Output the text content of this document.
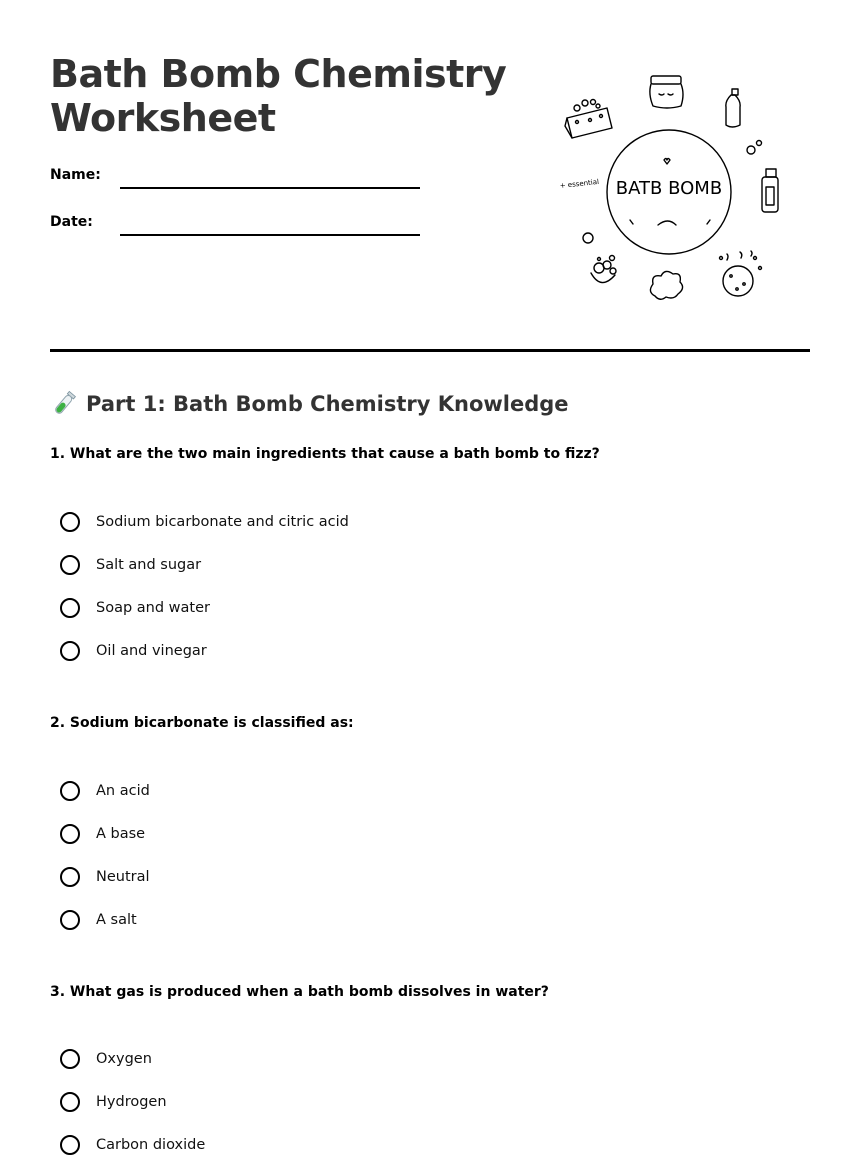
Bath Bomb Chemistry Worksheet
Name:
Date:
BATB BOMB
+ essential
Part 1: Bath Bomb Chemistry Knowledge

1. What are the two main ingredients that cause a bath bomb to fizz?

Sodium bicarbonate and citric acid
Salt and sugar
Soap and water
Oil and vinegar

2. Sodium bicarbonate is classified as:

An acid
A base
Neutral
A salt

3. What gas is produced when a bath bomb dissolves in water?

Oxygen
Hydrogen
Carbon dioxide
